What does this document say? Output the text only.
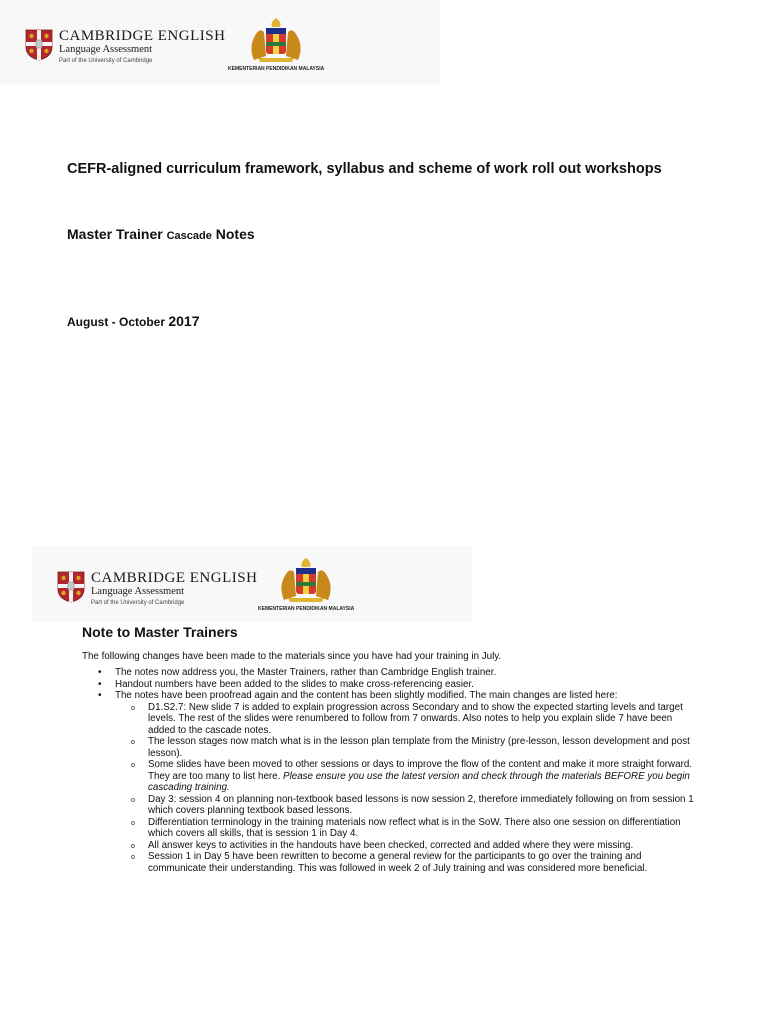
CAMBRIDGE ENGLISH
Language Assessment
Part of the University of Cambridge
KEMENTERIAN PENDIDIKAN MALAYSIA
CEFR-aligned curriculum framework, syllabus and scheme of work roll out workshops
Master Trainer Cascade Notes

August - October 2017

CAMBRIDGE ENGLISH
Language Assessment
Part of the University of Cambridge
KEMENTERIAN PENDIDIKAN MALAYSIA
Note to Master Trainers

The following changes have been made to the materials since you have had your training in July.

• The notes now address you, the Master Trainers, rather than Cambridge English trainer.
• Handout numbers have been added to the slides to make cross-referencing easier.
• The notes have been proofread again and the content has been slightly modified. The main changes are listed here:
o D1.S2.7: New slide 7 is added to explain progression across Secondary and to show the expected starting levels and target levels. The rest of the slides were renumbered to follow from 7 onwards. Also notes to help you explain slide 7 have been added to the cascade notes.
o The lesson stages now match what is in the lesson plan template from the Ministry (pre-lesson, lesson development and post lesson).
o Some slides have been moved to other sessions or days to improve the flow of the content and make it more straight forward. They are too many to list here. Please ensure you use the latest version and check through the materials BEFORE you begin cascading training.
o Day 3: session 4 on planning non-textbook based lessons is now session 2, therefore immediately following on from session 1 which covers planning textbook based lessons.
o Differentiation terminology in the training materials now reflect what is in the SoW. There also one session on differentiation which covers all skills, that is session 1 in Day 4.
o All answer keys to activities in the handouts have been checked, corrected and added where they were missing.
o Session 1 in Day 5 have been rewritten to become a general review for the participants to go over the training and communicate their understanding. This was followed in week 2 of July training and was considered more beneficial.
